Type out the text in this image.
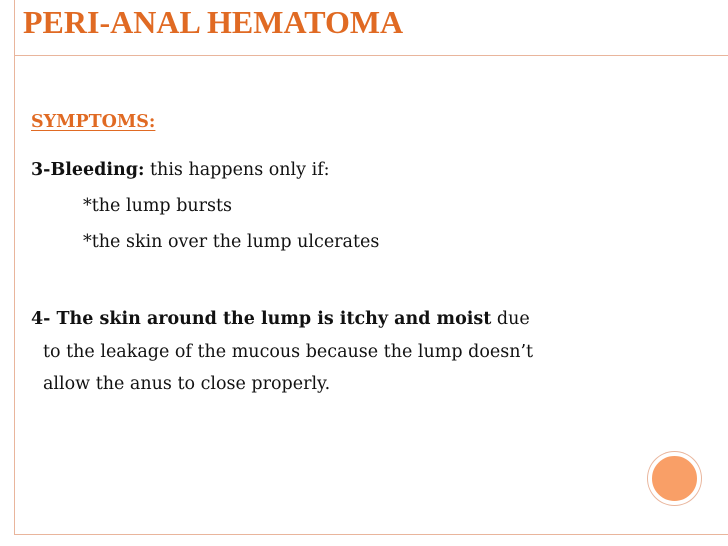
PERI-ANAL HEMATOMA
SYMPTOMS:
3-Bleeding: this happens only if:
*the lump bursts
*the skin over the lump ulcerates
4- The skin around the lump is itchy and moist due
to the leakage of the mucous because the lump doesn’t
allow the anus to close properly.
